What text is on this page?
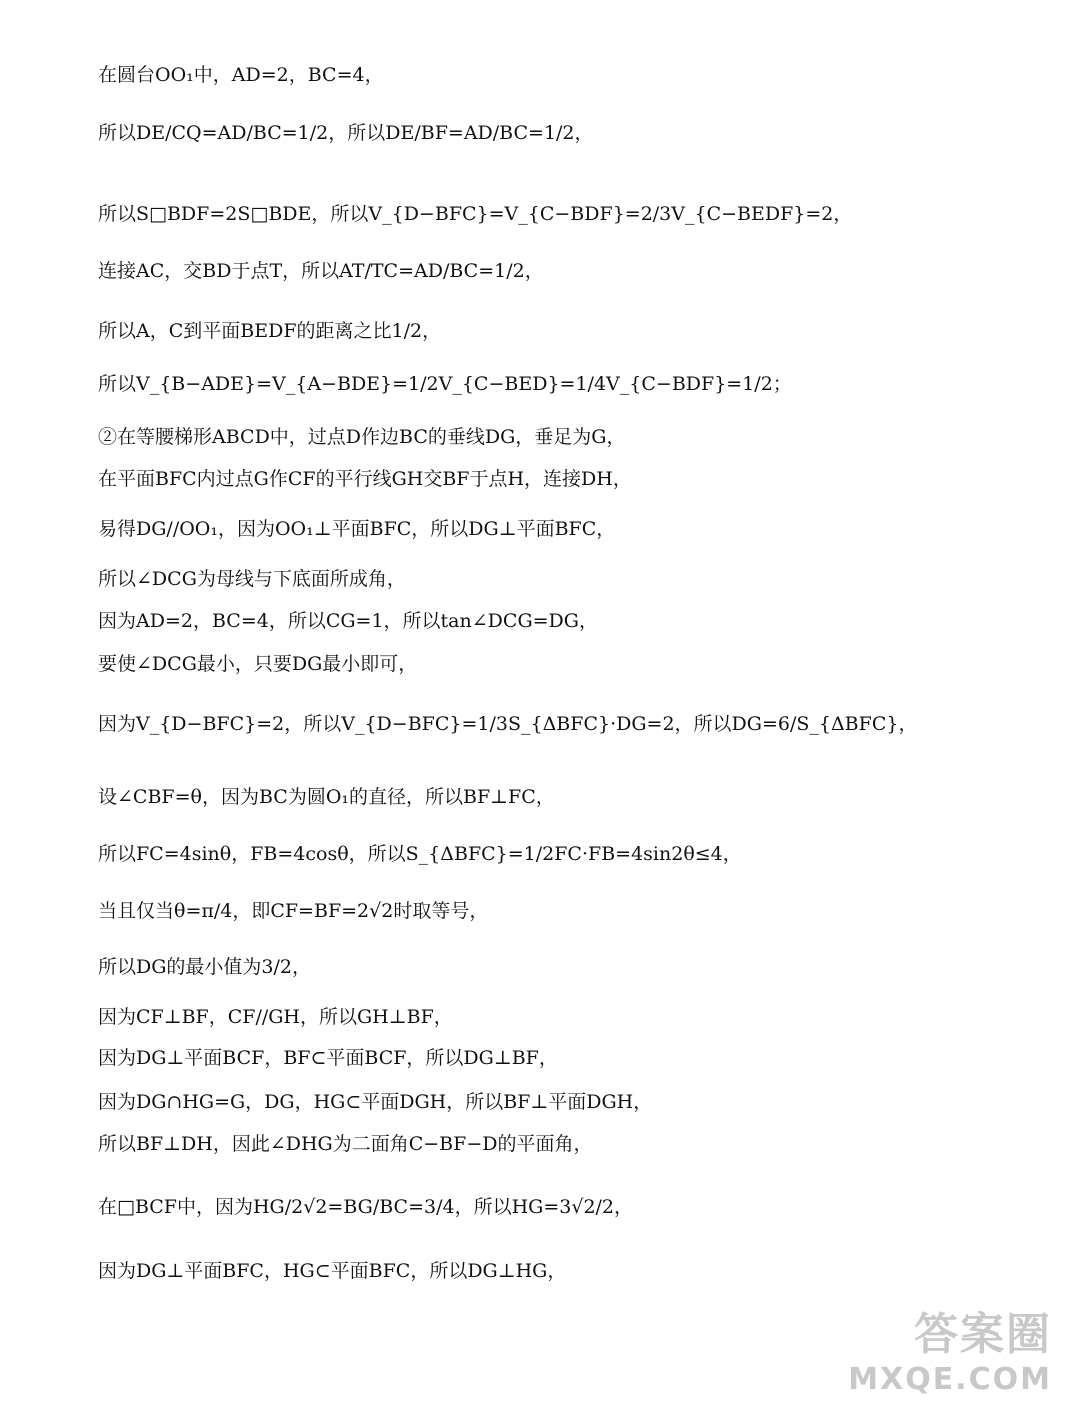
在圆台OO₁中，AD=2，BC=4，
所以DE/CQ=AD/BC=1/2，所以DE/BF=AD/BC=1/2，
所以S□BDF=2S□BDE，所以V_{D−BFC}=V_{C−BDF}=2/3V_{C−BEDF}=2，
连接AC，交BD于点T，所以AT/TC=AD/BC=1/2，
所以A，C到平面BEDF的距离之比1/2，
所以V_{B−ADE}=V_{A−BDE}=1/2V_{C−BED}=1/4V_{C−BDF}=1/2；
②在等腰梯形ABCD中，过点D作边BC的垂线DG，垂足为G，
在平面BFC内过点G作CF的平行线GH交BF于点H，连接DH，
易得DG//OO₁，因为OO₁⊥平面BFC，所以DG⊥平面BFC，
所以∠DCG为母线与下底面所成角，
因为AD=2，BC=4，所以CG=1，所以tan∠DCG=DG，
要使∠DCG最小，只要DG最小即可，
因为V_{D−BFC}=2，所以V_{D−BFC}=1/3S_{ΔBFC}·DG=2，所以DG=6/S_{ΔBFC}，
设∠CBF=θ，因为BC为圆O₁的直径，所以BF⊥FC，
所以FC=4sinθ，FB=4cosθ，所以S_{ΔBFC}=1/2FC·FB=4sin2θ≤4，
当且仅当θ=π/4，即CF=BF=2√2时取等号，
所以DG的最小值为3/2，
因为CF⊥BF，CF//GH，所以GH⊥BF，
因为DG⊥平面BCF，BF⊂平面BCF，所以DG⊥BF，
因为DG∩HG=G，DG，HG⊂平面DGH，所以BF⊥平面DGH，
所以BF⊥DH，因此∠DHG为二面角C−BF−D的平面角，
在□BCF中，因为HG/2√2=BG/BC=3/4，所以HG=3√2/2，
因为DG⊥平面BFC，HG⊂平面BFC，所以DG⊥HG，
答案圈
MXQE.COM
